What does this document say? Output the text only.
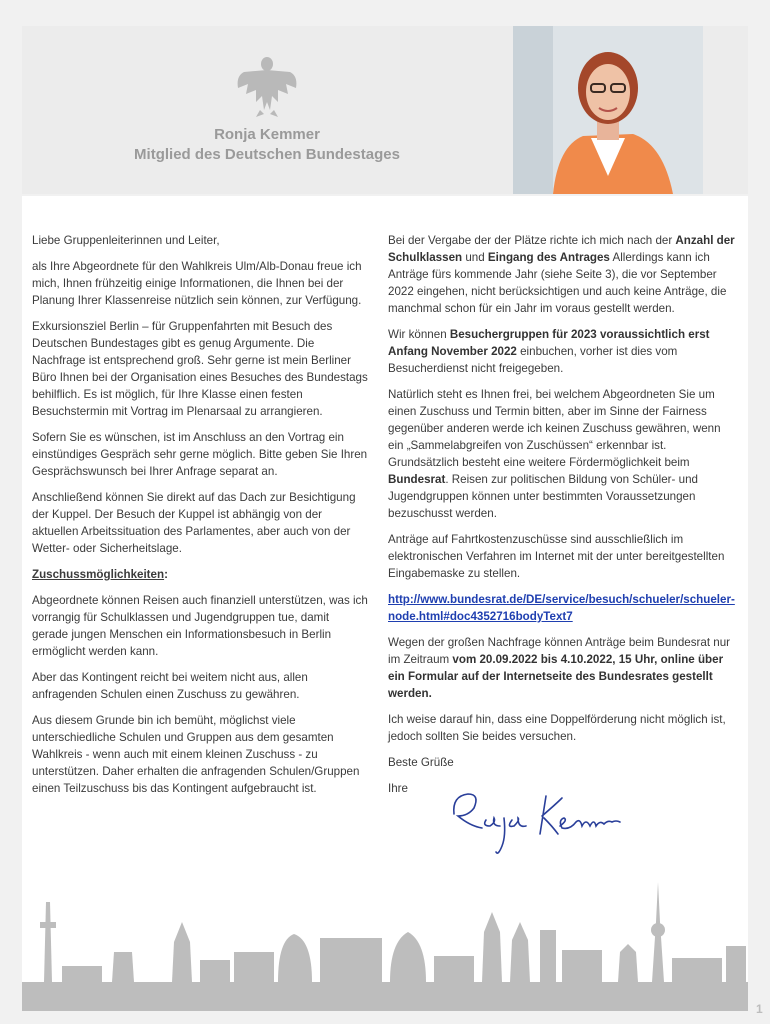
Ronja Kemmer
Mitglied des Deutschen Bundestages

Liebe Gruppenleiterinnen und Leiter,

als Ihre Abgeordnete für den Wahlkreis Ulm/Alb-Donau freue ich mich, Ihnen frühzeitig einige Informationen, die Ihnen bei der Planung Ihrer Klassenreise nützlich sein können, zur Verfügung.

Exkursionsziel Berlin – für Gruppenfahrten mit Besuch des Deutschen Bundestages gibt es genug Argumente. Die Nachfrage ist entsprechend groß. Sehr gerne ist mein Berliner Büro Ihnen bei der Organisation eines Besuches des Bundestags behilflich. Es ist möglich, für Ihre Klasse einen festen Besuchstermin mit Vortrag im Plenarsaal zu arrangieren.

Sofern Sie es wünschen, ist im Anschluss an den Vortrag ein einstündiges Gespräch sehr gerne möglich. Bitte geben Sie Ihren Gesprächswunsch bei Ihrer Anfrage separat an.

Anschließend können Sie direkt auf das Dach zur Besichtigung der Kuppel. Der Besuch der Kuppel ist abhängig von der aktuellen Arbeitssituation des Parlamentes, aber auch von der Wetter- oder Sicherheitslage.

Zuschussmöglichkeiten:

Abgeordnete können Reisen auch finanziell unterstützen, was ich vorrangig für Schulklassen und Jugendgruppen tue, damit gerade jungen Menschen ein Informationsbesuch in Berlin ermöglicht werden kann.

Aber das Kontingent reicht bei weitem nicht aus, allen anfragenden Schulen einen Zuschuss zu gewähren.

Aus diesem Grunde bin ich bemüht, möglichst viele unterschiedliche Schulen und Gruppen aus dem gesamten Wahlkreis - wenn auch mit einem kleinen Zuschuss - zu unterstützen. Daher erhalten die anfragenden Schulen/Gruppen einen Teilzuschuss bis das Kontingent aufgebraucht ist.

Bei der Vergabe der der Plätze richte ich mich nach der Anzahl der Schulklassen und Eingang des Antrages Allerdings kann ich Anträge fürs kommende Jahr (siehe Seite 3), die vor September 2022 eingehen, nicht berücksichtigen und auch keine Anträge, die manchmal schon für ein Jahr im voraus gestellt werden.

Wir können Besuchergruppen für 2023 voraussichtlich erst Anfang November 2022 einbuchen, vorher ist dies vom Besucherdienst nicht freigegeben.

Natürlich steht es Ihnen frei, bei welchem Abgeordneten Sie um einen Zuschuss und Termin bitten, aber im Sinne der Fairness gegenüber anderen werde ich keinen Zuschuss gewähren, wenn ein „Sammelabgreifen von Zuschüssen“ erkennbar ist. Grundsätzlich besteht eine weitere Fördermöglichkeit beim Bundesrat. Reisen zur politischen Bildung von Schüler- und Jugendgruppen können unter bestimmten Voraussetzungen bezuschusst werden.

Anträge auf Fahrtkostenzuschüsse sind ausschließlich im elektronischen Verfahren im Internet mit der unter bereitgestellten Eingabemaske zu stellen.

http://www.bundesrat.de/DE/service/besuch/schueler/schueler-node.html#doc4352716bodyText7

Wegen der großen Nachfrage können Anträge beim Bundesrat nur im Zeitraum vom 20.09.2022 bis 4.10.2022, 15 Uhr, online über ein Formular auf der Internetseite des Bundesrates gestellt werden.

Ich weise darauf hin, dass eine Doppelförderung nicht möglich ist, jedoch sollten Sie beides versuchen.

Beste Grüße

Ihre

1
